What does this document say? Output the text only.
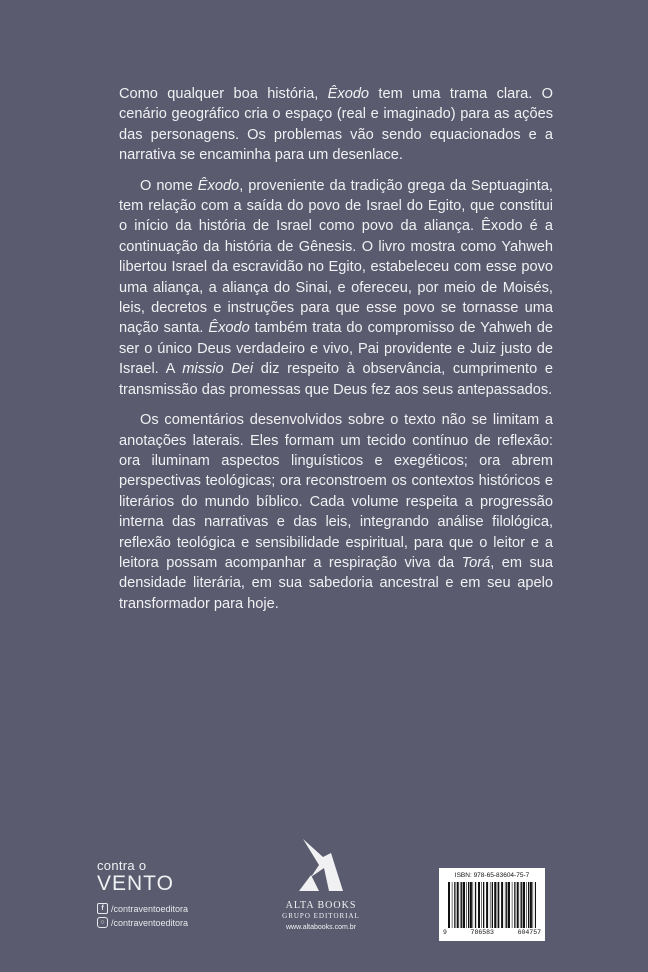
Como qualquer boa história, Êxodo tem uma trama clara. O cenário geográfico cria o espaço (real e imaginado) para as ações das personagens. Os problemas vão sendo equacionados e a narrativa se encaminha para um desenlace.

O nome Êxodo, proveniente da tradição grega da Septuaginta, tem relação com a saída do povo de Israel do Egito, que constitui o início da história de Israel como povo da aliança. Êxodo é a continuação da história de Gênesis. O livro mostra como Yahweh libertou Israel da escravidão no Egito, estabeleceu com esse povo uma aliança, a aliança do Sinai, e ofereceu, por meio de Moisés, leis, decretos e instruções para que esse povo se tornasse uma nação santa. Êxodo também trata do compromisso de Yahweh de ser o único Deus verdadeiro e vivo, Pai providente e Juiz justo de Israel. A missio Dei diz respeito à observância, cumprimento e transmissão das promessas que Deus fez aos seus antepassados.

Os comentários desenvolvidos sobre o texto não se limitam a anotações laterais. Eles formam um tecido contínuo de reflexão: ora iluminam aspectos linguísticos e exegéticos; ora abrem perspectivas teológicas; ora reconstroem os contextos históricos e literários do mundo bíblico. Cada volume respeita a progressão interna das narrativas e das leis, integrando análise filológica, reflexão teológica e sensibilidade espiritual, para que o leitor e a leitora possam acompanhar a respiração viva da Torá, em sua densidade literária, em sua sabedoria ancestral e em seu apelo transformador para hoje.

contra o
VENTO
f /contraventoeditora
○ /contraventoeditora
ALTA BOOKS
GRUPO EDITORIAL
www.altabooks.com.br
ISBN: 978-65-83604-75-7
9	786583	604757
